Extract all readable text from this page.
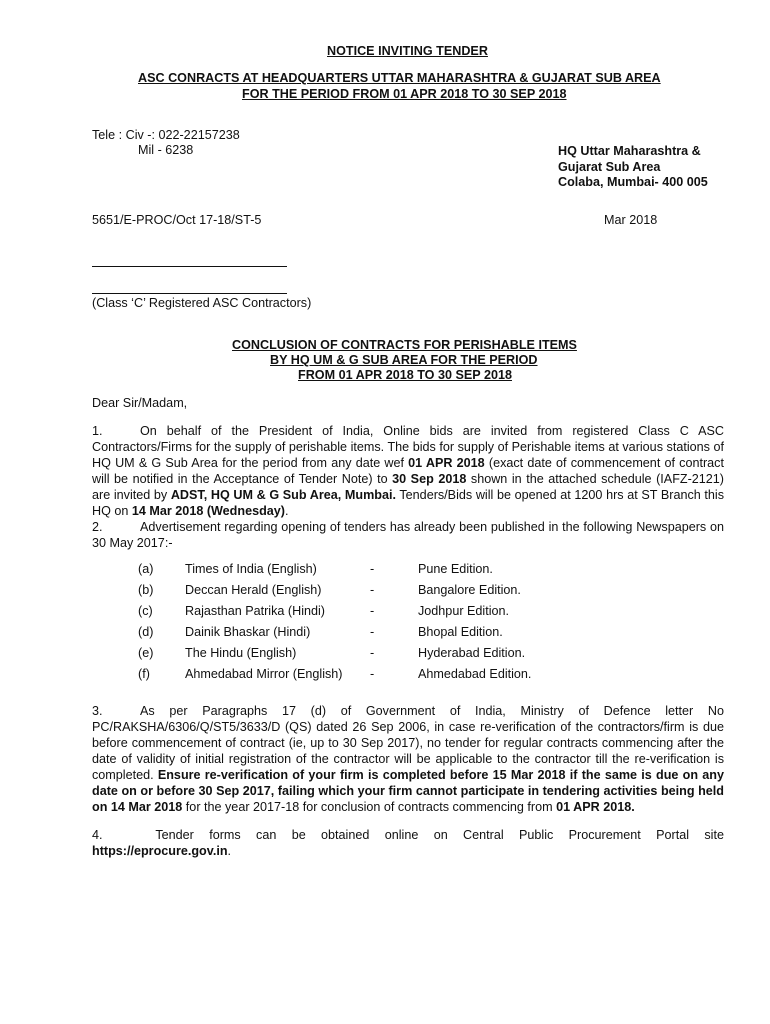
NOTICE INVITING TENDER
ASC CONRACTS AT HEADQUARTERS UTTAR MAHARASHTRA & GUJARAT SUB AREA
FOR THE PERIOD FROM 01 APR 2018 TO 30 SEP 2018
Tele : Civ -: 022-22157238
Mil - 6238	HQ Uttar Maharashtra &
Gujarat Sub Area
Colaba, Mumbai- 400 005
5651/E-PROC/Oct 17-18/ST-5	Mar 2018
(Class ‘C’ Registered ASC Contractors)
CONCLUSION OF CONTRACTS FOR PERISHABLE ITEMS
BY HQ UM & G SUB AREA FOR THE PERIOD
FROM 01 APR 2018 TO 30 SEP 2018
Dear Sir/Madam,
1.	On behalf of the President of India, Online bids are invited from registered Class C ASC Contractors/Firms for the supply of perishable items. The bids for supply of Perishable items at various stations of HQ UM & G Sub Area for the period from any date wef 01 APR 2018 (exact date of commencement of contract will be notified in the Acceptance of Tender Note) to 30 Sep 2018 shown in the attached schedule (IAFZ-2121) are invited by ADST, HQ UM & G Sub Area, Mumbai. Tenders/Bids will be opened at 1200 hrs at ST Branch this HQ on 14 Mar 2018 (Wednesday).
2.	Advertisement regarding opening of tenders has already been published in the following Newspapers on 30 May 2017:-
(a)	Times of India (English)	-	Pune Edition.
(b)	Deccan Herald (English)	-	Bangalore Edition.
(c)	Rajasthan Patrika (Hindi)	-	Jodhpur Edition.
(d)	Dainik Bhaskar (Hindi)	-	Bhopal Edition.
(e)	The Hindu (English)	-	Hyderabad Edition.
(f)	Ahmedabad Mirror (English)	-	Ahmedabad Edition.
3.	As per Paragraphs 17 (d) of Government of India, Ministry of Defence letter No PC/RAKSHA/6306/Q/ST5/3633/D (QS) dated 26 Sep 2006, in case re-verification of the contractors/firm is due before commencement of contract (ie, up to 30 Sep 2017), no tender for regular contracts commencing after the date of validity of initial registration of the contractor will be applicable to the contractor till the re-verification is completed. Ensure re-verification of your firm is completed before 15 Mar 2018 if the same is due on any date on or before 30 Sep 2017, failing which your firm cannot participate in tendering activities being held on 14 Mar 2018 for the year 2017-18 for conclusion of contracts commencing from 01 APR 2018.
4.	Tender forms can be obtained online on Central Public Procurement Portal site
https://eprocure.gov.in.
